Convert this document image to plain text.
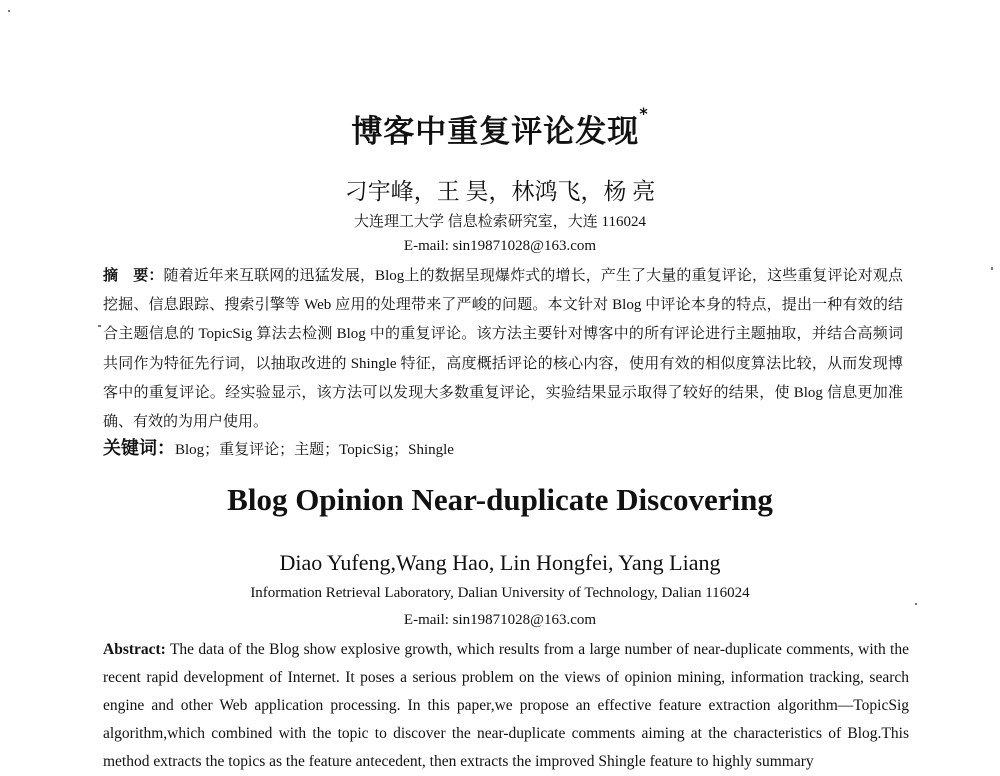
博客中重复评论发现*
刁宇峰，王 昊，林鸿飞，杨 亮
大连理工大学 信息检索研究室，大连 116024
E-mail: sin19871028@163.com
摘　要：随着近年来互联网的迅猛发展，Blog上的数据呈现爆炸式的增长，产生了大量的重复评论，这些重复评论对观点挖掘、信息跟踪、搜索引擎等 Web 应用的处理带来了严峻的问题。本文针对 Blog 中评论本身的特点，提出一种有效的结合主题信息的 TopicSig 算法去检测 Blog 中的重复评论。该方法主要针对博客中的所有评论进行主题抽取，并结合高频词共同作为特征先行词，以抽取改进的 Shingle 特征，高度概括评论的核心内容，使用有效的相似度算法比较，从而发现博客中的重复评论。经实验显示，该方法可以发现大多数重复评论，实验结果显示取得了较好的结果，使 Blog 信息更加准确、有效的为用户使用。
关键词：Blog；重复评论；主题；TopicSig；Shingle
Blog Opinion Near-duplicate Discovering
Diao Yufeng,Wang Hao, Lin Hongfei, Yang Liang
Information Retrieval Laboratory, Dalian University of Technology, Dalian 116024
E-mail: sin19871028@163.com
Abstract: The data of the Blog show explosive growth, which results from a large number of near-duplicate comments, with the recent rapid development of Internet. It poses a serious problem on the views of opinion mining, information tracking, search engine and other Web application processing. In this paper,we propose an effective feature extraction algorithm—TopicSig algorithm,which combined with the topic to discover the near-duplicate comments aiming at the characteristics of Blog.This method extracts the topics as the feature antecedent, then extracts the improved Shingle feature to highly summary
